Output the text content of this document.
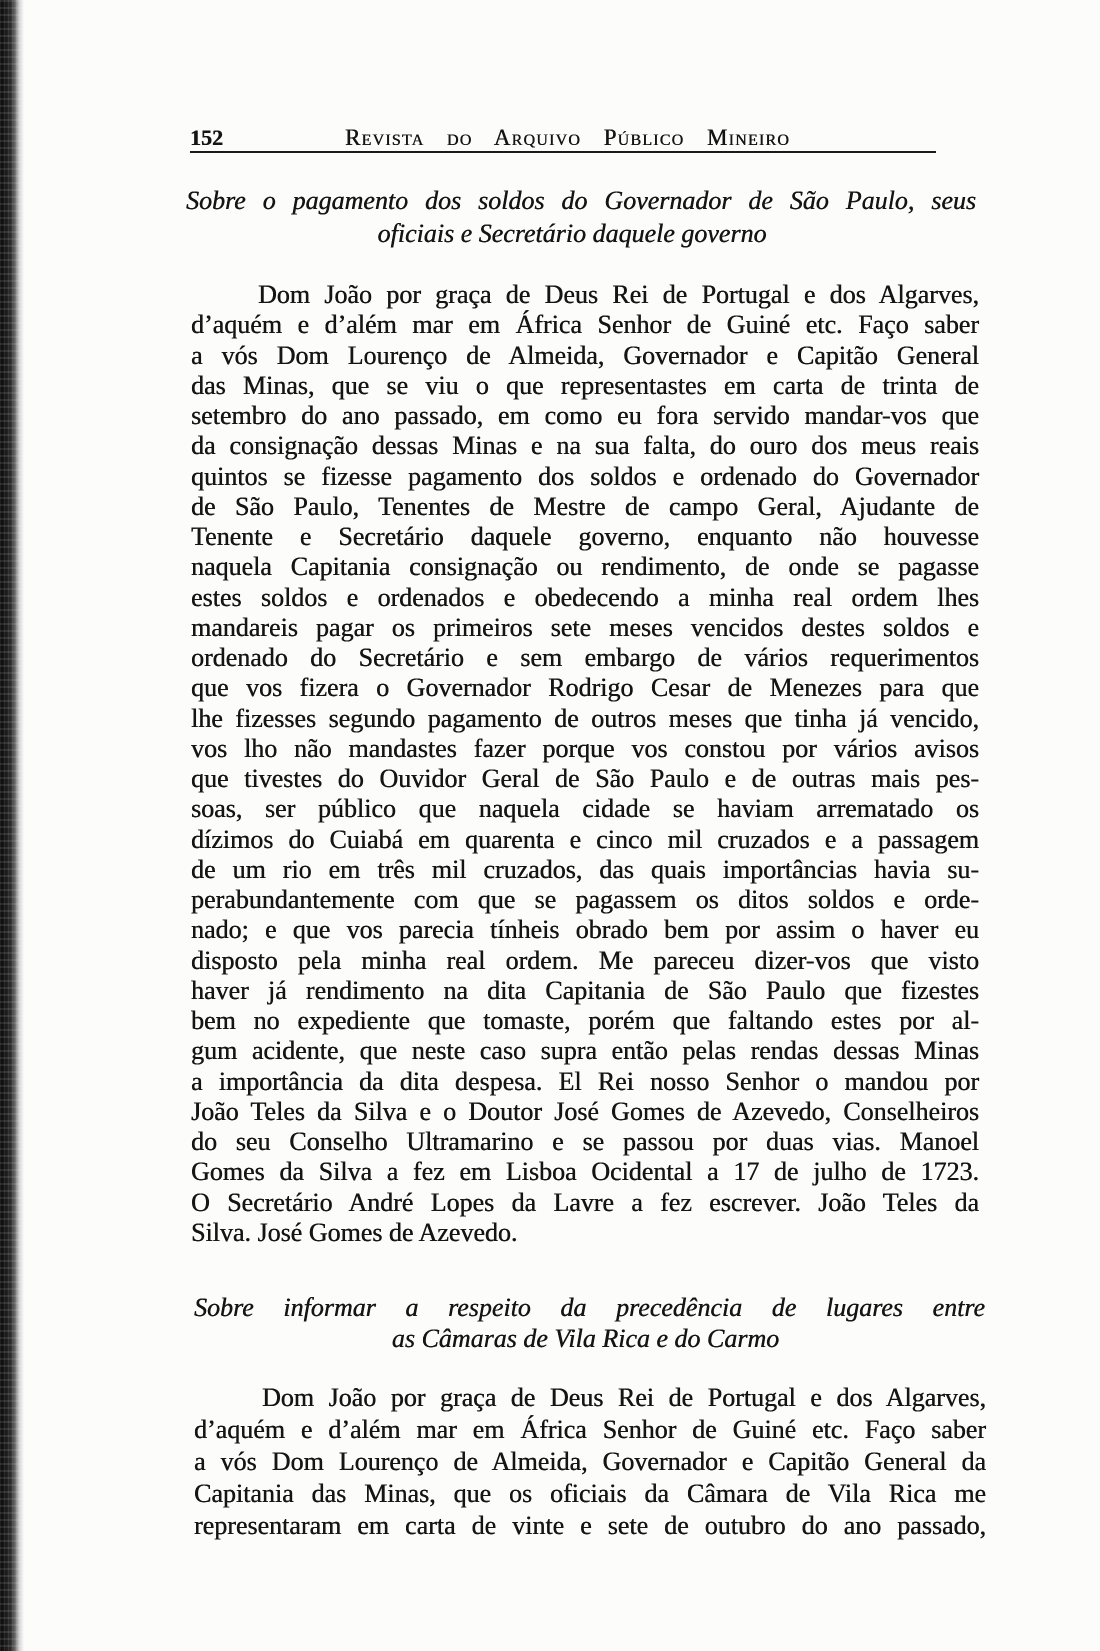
152	Revista do Arquivo Público Mineiro
Sobre o pagamento dos soldos do Governador de São Paulo, seus
oficiais e Secretário daquele governo
Dom João por graça de Deus Rei de Portugal e dos Algarves,
d’aquém e d’além mar em África Senhor de Guiné etc. Faço saber
a vós Dom Lourenço de Almeida, Governador e Capitão General
das Minas, que se viu o que representastes em carta de trinta de
setembro do ano passado, em como eu fora servido mandar-vos que
da consignação dessas Minas e na sua falta, do ouro dos meus reais
quintos se fizesse pagamento dos soldos e ordenado do Governador
de São Paulo, Tenentes de Mestre de campo Geral, Ajudante de
Tenente e Secretário daquele governo, enquanto não houvesse
naquela Capitania consignação ou rendimento, de onde se pagasse
estes soldos e ordenados e obedecendo a minha real ordem lhes
mandareis pagar os primeiros sete meses vencidos destes soldos e
ordenado do Secretário e sem embargo de vários requerimentos
que vos fizera o Governador Rodrigo Cesar de Menezes para que
lhe fizesses segundo pagamento de outros meses que tinha já vencido,
vos lho não mandastes fazer porque vos constou por vários avisos
que tivestes do Ouvidor Geral de São Paulo e de outras mais pes-
soas, ser público que naquela cidade se haviam arrematado os
dízimos do Cuiabá em quarenta e cinco mil cruzados e a passagem
de um rio em três mil cruzados, das quais importâncias havia su-
perabundantemente com que se pagassem os ditos soldos e orde-
nado; e que vos parecia tínheis obrado bem por assim o haver eu
disposto pela minha real ordem. Me pareceu dizer-vos que visto
haver já rendimento na dita Capitania de São Paulo que fizestes
bem no expediente que tomaste, porém que faltando estes por al-
gum acidente, que neste caso supra então pelas rendas dessas Minas
a importância da dita despesa. El Rei nosso Senhor o mandou por
João Teles da Silva e o Doutor José Gomes de Azevedo, Conselheiros
do seu Conselho Ultramarino e se passou por duas vias. Manoel
Gomes da Silva a fez em Lisboa Ocidental a 17 de julho de 1723.
O Secretário André Lopes da Lavre a fez escrever. João Teles da
Silva. José Gomes de Azevedo.
Sobre informar a respeito da precedência de lugares entre
as Câmaras de Vila Rica e do Carmo
Dom João por graça de Deus Rei de Portugal e dos Algarves,
d’aquém e d’além mar em África Senhor de Guiné etc. Faço saber
a vós Dom Lourenço de Almeida, Governador e Capitão General da
Capitania das Minas, que os oficiais da Câmara de Vila Rica me
representaram em carta de vinte e sete de outubro do ano passado,
